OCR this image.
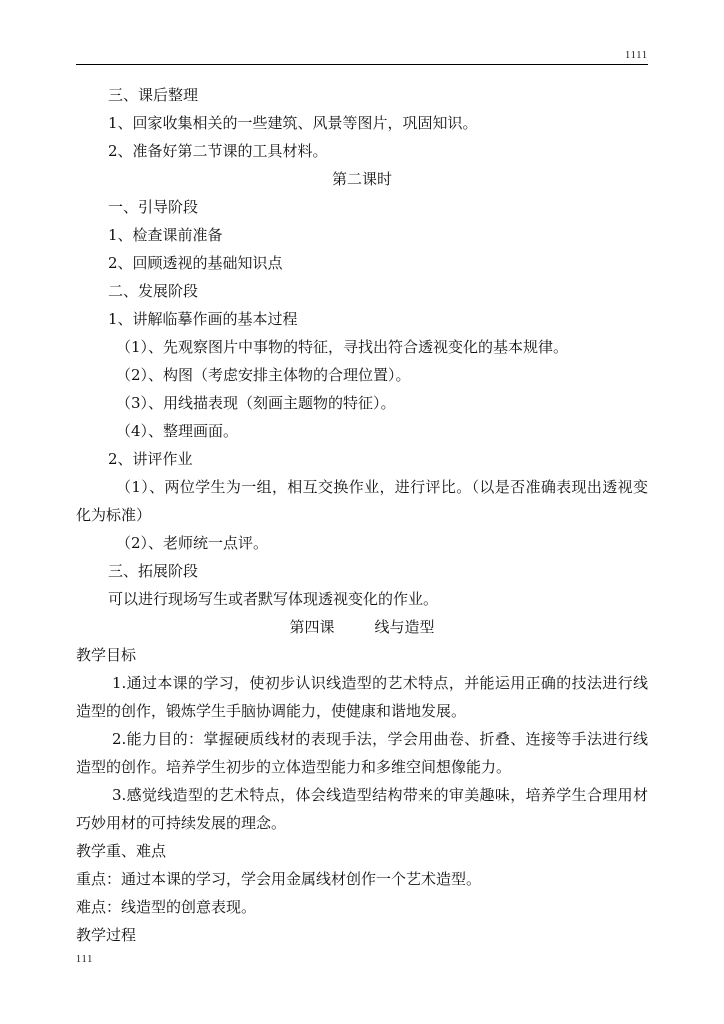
1111
三、课后整理
1、回家收集相关的一些建筑、风景等图片，巩固知识。
2、准备好第二节课的工具材料。
第二课时
一、引导阶段
1、检查课前准备
2、回顾透视的基础知识点
二、发展阶段
1、讲解临摹作画的基本过程
（1）、先观察图片中事物的特征，寻找出符合透视变化的基本规律。
（2）、构图（考虑安排主体物的合理位置）。
（3）、用线描表现（刻画主题物的特征）。
（4）、整理画面。
2、讲评作业
（1）、两位学生为一组，相互交换作业，进行评比。（以是否准确表现出透视变化为标准）
（2）、老师统一点评。
三、拓展阶段
可以进行现场写生或者默写体现透视变化的作业。
第四课	线与造型
教学目标
1.通过本课的学习，使初步认识线造型的艺术特点，并能运用正确的技法进行线造型的创作，锻炼学生手脑协调能力，使健康和谐地发展。
2.能力目的：掌握硬质线材的表现手法，学会用曲卷、折叠、连接等手法进行线造型的创作。培养学生初步的立体造型能力和多维空间想像能力。
3.感觉线造型的艺术特点，体会线造型结构带来的审美趣味，培养学生合理用材巧妙用材的可持续发展的理念。
教学重、难点
重点：通过本课的学习，学会用金属线材创作一个艺术造型。
难点：线造型的创意表现。
教学过程
111
